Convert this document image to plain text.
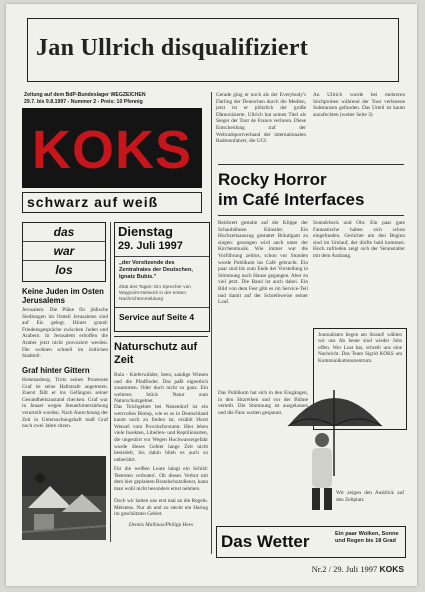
Jan Ullrich disqualifiziert
Zeitung auf dem BdP-Bundeslager WEGZEICHEN
29.7. bis 9.8.1997 - Nummer 2 - Preis: 10 Pfennig
KOKS
schwarz auf weiß
Gerade ging er noch als der Everybody's Darling der Deutschen durch die Medien, jetzt ist er plötzlich der große Dämonisierte. Ullrich hat seinen Titel als Sieger der Tour de France verloren. Diese Entscheidung traf der Weltradsportverband der internationalen Radrennfahrer, die UCI.
An Ullrich wurde bei mehreren Stichproben während der Tour verbotene Substanzen gefunden. Das Urteil ist kaum anzufechten (weiter Seite 3)
Rocky Horror
im Café Interfaces
das
war
los
Dienstag
29. Juli 1997
„der Vorsitzende des Zentralrates der Deutschen, Ignatz Bubis."
Zitat des Tages: Ein Sprecher von Waypoint-Network in der ersten Nachrichtenmeldung
Service auf Seite 4
Keine Juden im Osten Jerusalems
Jerusalem. Die Pläne für jüdische Siedlungen im Ostteil Jerusalems sind auf Eis gelegt. Hinter grund: Friedensgespräche zwischen Juden und Arabern. In Jerusalem erhoffen die Araber jetzt nicht provoziert werden. Die wohnen schnell im östlichen Stadtteil.
Graf hinter Gittern
Hohenasberg. Trotz seines Prozesses Graf ist seine Haftstrafe angetreten. Zuerst fällt er ins Gefängnis seiner Gesundheitszustand checken. Graf war in Jenaer wegen Steuerhinterziehung verurteilt worden. Nach Anrechnung der Zeit in Untersuchungshaft muß Graf noch zwei Jahre sitzen.
Naturschutz auf Zeit
Bula - Kieferwälder, Seen, sandige Wiesen und die Pfadfinder. Das paßt eigentlich zusammen. Oder doch nicht so ganz. Ein weiteres Stück Natur zum Naturschutzgebiet.
Das Teichgebiet bei Neuendorf ist ein wertvolles Biotop, wie es so in Deutschland kaum noch zu finden ist, erzählt Horst Wenzel vom Provinzforstamt. Hier leben viele Insekten, Libellen- und Reptilienarten, die ungestört vor Wegen Hochwassergefahr wurde dieses Gebiet lange Zeit nicht besiedelt, bis dahin blieb es auch so unberührt.
Für die weißen Leute hängt ein Schild: 'Betreten verboten'. Ob dieses Verbot mit dem hier geplanten Brandschutzdienst, kann man wohl nicht besonders ernst nehmen.
Doch wir hatten uns erst mal an die Regeln. Meistens. Nur ab und zu steckt ein Haring im geschützten Gebiet.
Dennis Mallinas/Philipp Hees
Reisbrett gestalte auf der Klippe der Schaubühnen Künstler. Ein Hochzeitsauszug gestattet Bräutigam zu singen: gesungen wird auch unter der Kirchenmusik. Wie immer war die Vorführung zeitlos, schon vor Stunden wurde Publikum ins Café gebracht. Ein paar sind bis zum Ende der Vorstellung in Stimmung nach Hause gegangen. Aber zu viel jetzt. Die Band ist auch dabei. Ein Bild von dem Fest gibt es im Service-Teil und damit auf der Schreibweise seiner Lauf.
Soundcheck und Ohr. Ein paar gute Fantastische haben sich schon eingefunden. Gerüchte um den Beginn sind im Umlauf, der dürfte bald kommen. Hoch zufrieden zeigt sich der Veranstalter mit dem Andrang.
Das Publikum hat sich in den Eingängen, in den Sitzreihen und vor der Bühne verteilt. Die Stimmung ist ausgelassen und die Fans warten gespannt.
Journalisten liegen am Strand! wählen wir uns Ab heute sind wieder Jobs offen. Wer Lust hat, schreib uns eine Nachricht. Das Team Sigrid KOKS am Kommunikationszentrum.
Wir zeigen den Ausblick auf den Zeltplatz
Das Wetter	Ein paar Wolken, Sonne und Regen bis 18 Grad
Nr.2 / 29. Juli 1997 KOKS
